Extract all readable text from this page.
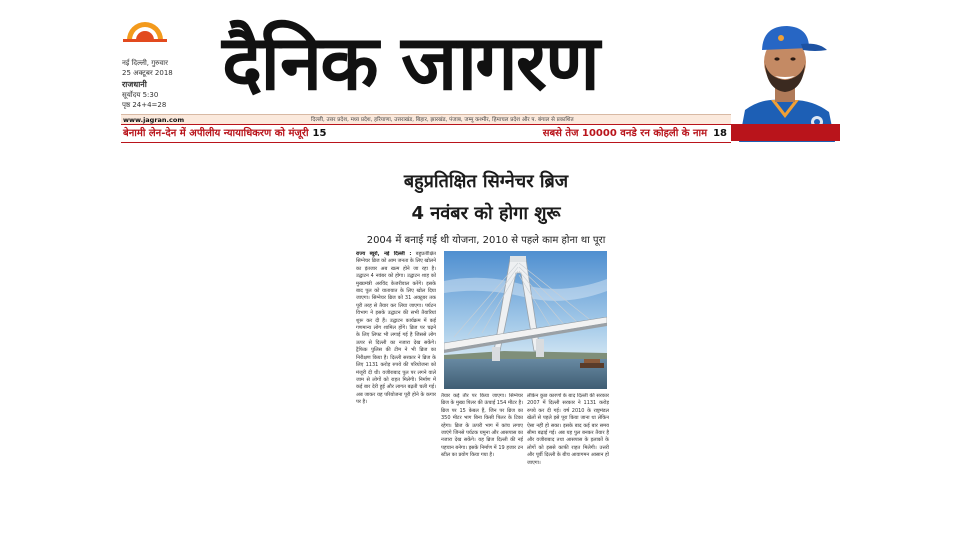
नई दिल्ली, गुरुवार
25 अक्टूबर 2018
राजधानी
सूर्योदय 5:30
पृष्ठ 24+4=28 दैनिक जागरण
www.jagran.com	दिल्ली, उत्तर प्रदेश, मध्य प्रदेश, हरियाणा, उत्तराखंड, बिहार, झारखंड, पंजाब, जम्मू कश्मीर, हिमाचल प्रदेश और प. बंगाल से प्रकाशित
बेनामी लेन-देन में अपीलीय न्यायाधिकरण को मंजूरी 15	सबसे तेज 10000 वनडे रन कोहली के नाम 18
बहुप्रतिक्षित सिग्नेचर ब्रिज
4 नवंबर को होगा शुरू
2004 में बनाई गई थी योजना, 2010 से पहले काम होना था पूरा
राज्य ब्यूरो, नई दिल्ली : बहुप्रतीक्षित सिग्नेचर ब्रिज को आम जनता के लिए खोलने का इंतजार अब खत्म होने जा रहा है। उद्घाटन 4 नवंबर को होगा। उद्घाटन शाह को मुख्यमंत्री अरविंद केजरीवाल करेंगे। इसके बाद पुल को यातायात के लिए खोल दिया जाएगा। सिग्नेचर ब्रिज को 31 अक्टूबर तक पूरी तरह से तैयार कर लिया जाएगा। पर्यटन विभाग ने इसके उद्घाटन की सभी तैयारियां शुरू कर दी हैं। उद्घाटन कार्यक्रम में कई गणमान्य लोग शामिल होंगे। ब्रिज पर चढ़ने के लिए लिफ्ट भी लगाई गई है जिससे लोग ऊपर से दिल्ली का नजारा देख सकेंगे। ट्रैफिक पुलिस की टीम ने भी ब्रिज का निरीक्षण किया है। दिल्ली सरकार ने ब्रिज के लिए 1131 करोड़ रुपये की परियोजना को मंजूरी दी थी। वजीराबाद पुल पर लगने वाले जाम से लोगों को राहत मिलेगी। निर्माण में कई बार देरी हुई और लागत बढ़ती चली गई। अब जाकर यह परियोजना पूरी होने के कगार पर है।
तैयार कई तौर पर किया जाएगा। सिग्नेचर ब्रिज के मुख्य पिलर की ऊंचाई 154 मीटर है। ब्रिज पर 15 केबल हैं, जिन पर ब्रिज का 350 मीटर भाग बिना किसी पिलर के टिका रहेगा। ब्रिज के ऊपरी भाग में कांच लगाए जाएंगे जिनसे पर्यटक यमुना और आसपास का नजारा देख सकेंगे। यह ब्रिज दिल्ली की नई पहचान बनेगा। इसके निर्माण में 19 हजार टन स्टील का प्रयोग किया गया है।
लेकिन कुछ कारणों के बाद दिल्ली की सरकार 2007 में दिल्ली सरकार ने 1131 करोड़ रुपये कर दी गई। वर्ष 2010 के राष्ट्रमंडल खेलों से पहले इसे पूरा किया जाना था लेकिन ऐसा नहीं हो सका। इसके बाद कई बार समय सीमा बढ़ाई गई। अब यह पुल बनकर तैयार है और वजीराबाद तथा आसपास के इलाकों के लोगों को इससे काफी राहत मिलेगी। उत्तरी और पूर्वी दिल्ली के बीच आवागमन आसान हो जाएगा।
